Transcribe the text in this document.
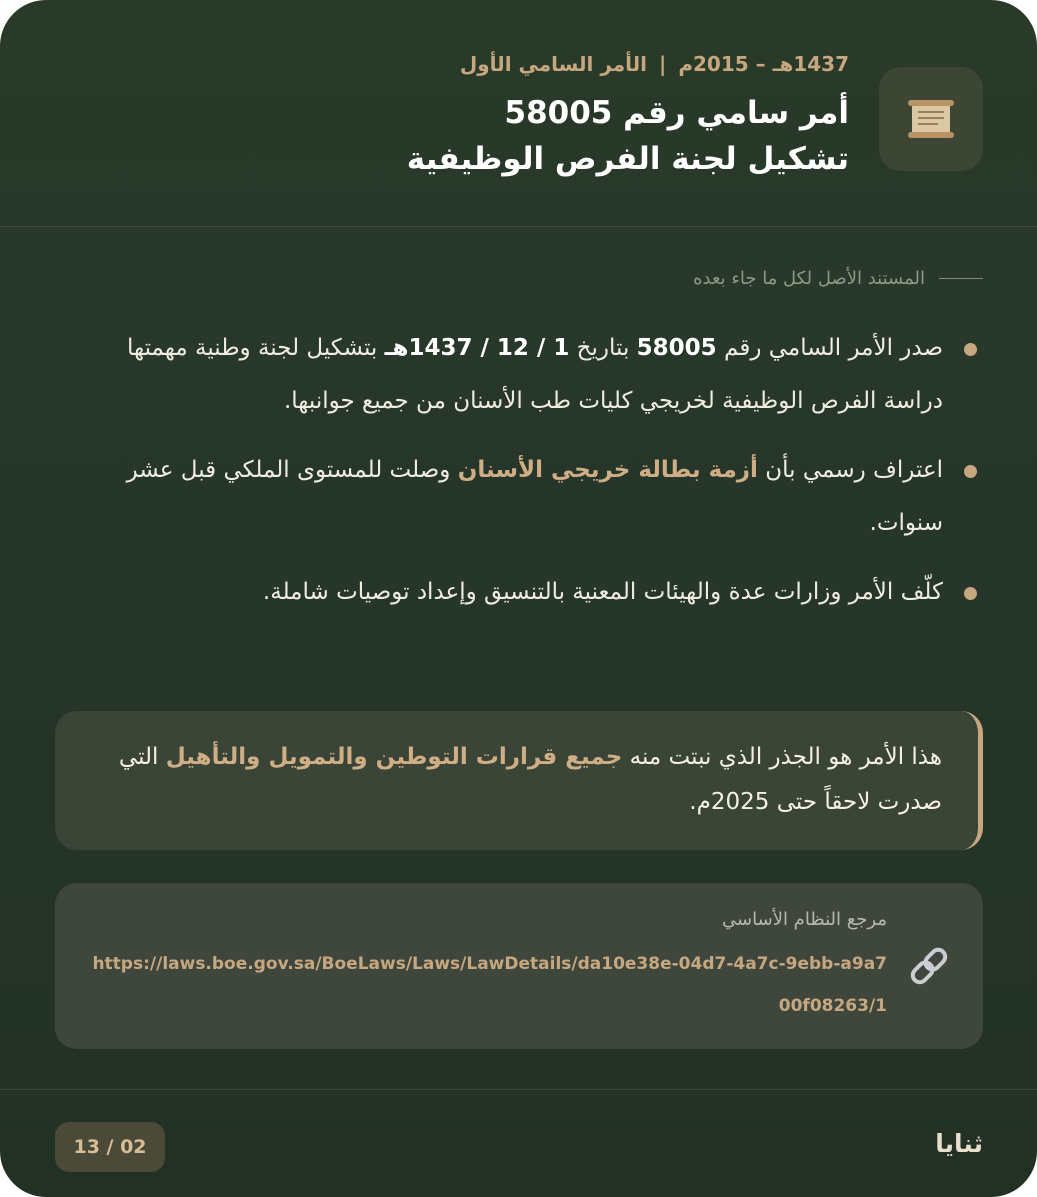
1437هـ – 2015م|الأمر السامي الأول
أمر سامي رقم 58005
تشكيل لجنة الفرص الوظيفية
المستند الأصل لكل ما جاء بعده
صدر الأمر السامي رقم 58005 بتاريخ 1 / 12 / 1437هـ بتشكيل لجنة وطنية مهمتها دراسة الفرص الوظيفية لخريجي كليات طب الأسنان من جميع جوانبها.
اعتراف رسمي بأن أزمة بطالة خريجي الأسنان وصلت للمستوى الملكي قبل عشر سنوات.
كلّف الأمر وزارات عدة والهيئات المعنية بالتنسيق وإعداد توصيات شاملة.
هذا الأمر هو الجذر الذي نبتت منه جميع قرارات التوطين والتمويل والتأهيل التي صدرت لاحقاً حتى 2025م.
مرجع النظام الأساسي
https://laws.boe.gov.sa/BoeLaws/Laws/LawDetails/da10e38e-04d7-4a7c-9ebb-a9a700f08263/1
ثنايا
13 / 02
